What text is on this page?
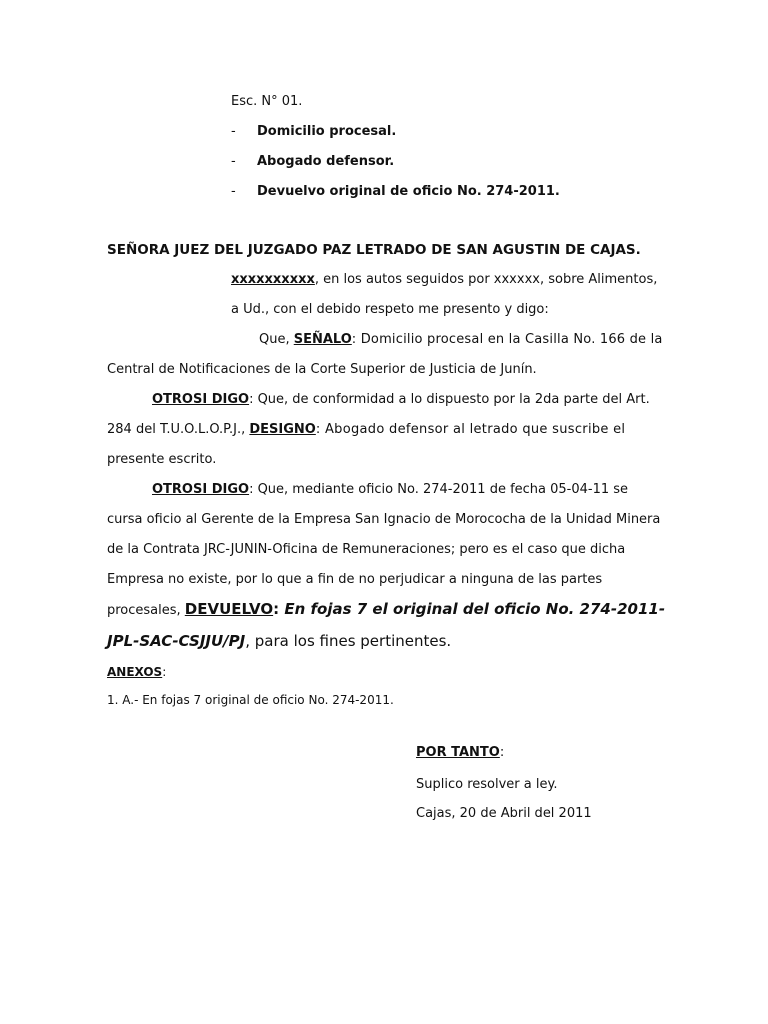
Esc. N° 01.
- Domicilio procesal.
- Abogado defensor.
- Devuelvo original de oficio No. 274-2011.
SEÑORA JUEZ DEL JUZGADO PAZ LETRADO DE SAN AGUSTIN DE CAJAS.
xxxxxxxxxx, en los autos seguidos por xxxxxx, sobre Alimentos,
a Ud., con el debido respeto me presento y digo:
Que, SEÑALO: Domicilio procesal en la Casilla No. 166 de la
Central de Notificaciones de la Corte Superior de Justicia de Junín.
OTROSI DIGO: Que, de conformidad a lo dispuesto por la 2da parte del Art.
284 del T.U.O.L.O.P.J., DESIGNO: Abogado defensor al letrado que suscribe el
presente escrito.
OTROSI DIGO: Que, mediante oficio No. 274-2011 de fecha 05-04-11 se
cursa oficio al Gerente de la Empresa San Ignacio de Morococha de la Unidad Minera
de la Contrata JRC-JUNIN-Oficina de Remuneraciones; pero es el caso que dicha
Empresa no existe, por lo que a fin de no perjudicar a ninguna de las partes
procesales, DEVUELVO: En fojas 7 el original del oficio No. 274-2011-
JPL-SAC-CSJJU/PJ, para los fines pertinentes.
ANEXOS:
1. A.- En fojas 7 original de oficio No. 274-2011.
POR TANTO:
Suplico resolver a ley.
Cajas, 20 de Abril del 2011
